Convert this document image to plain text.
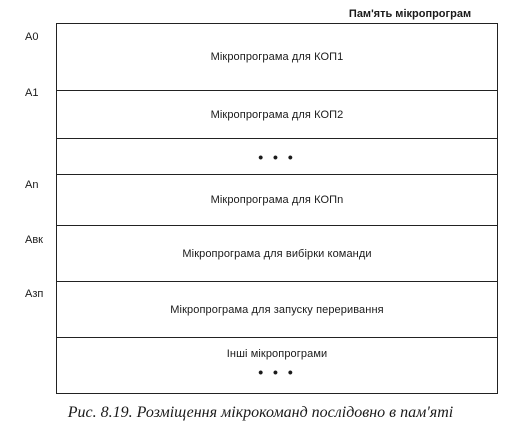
Пам'ять мікропрограм
А0
А1
Аn
Авк
Азп
Мікропрограма для КОП1
Мікропрограма для КОП2
• • •
Мікропрограма для КОПn
Мікропрограма для вибірки команди
Мікропрограма для запуску переривання
Інші мікропрограми
• • •
Рис. 8.19. Розміщення мікрокоманд послідовно в пам'яті
